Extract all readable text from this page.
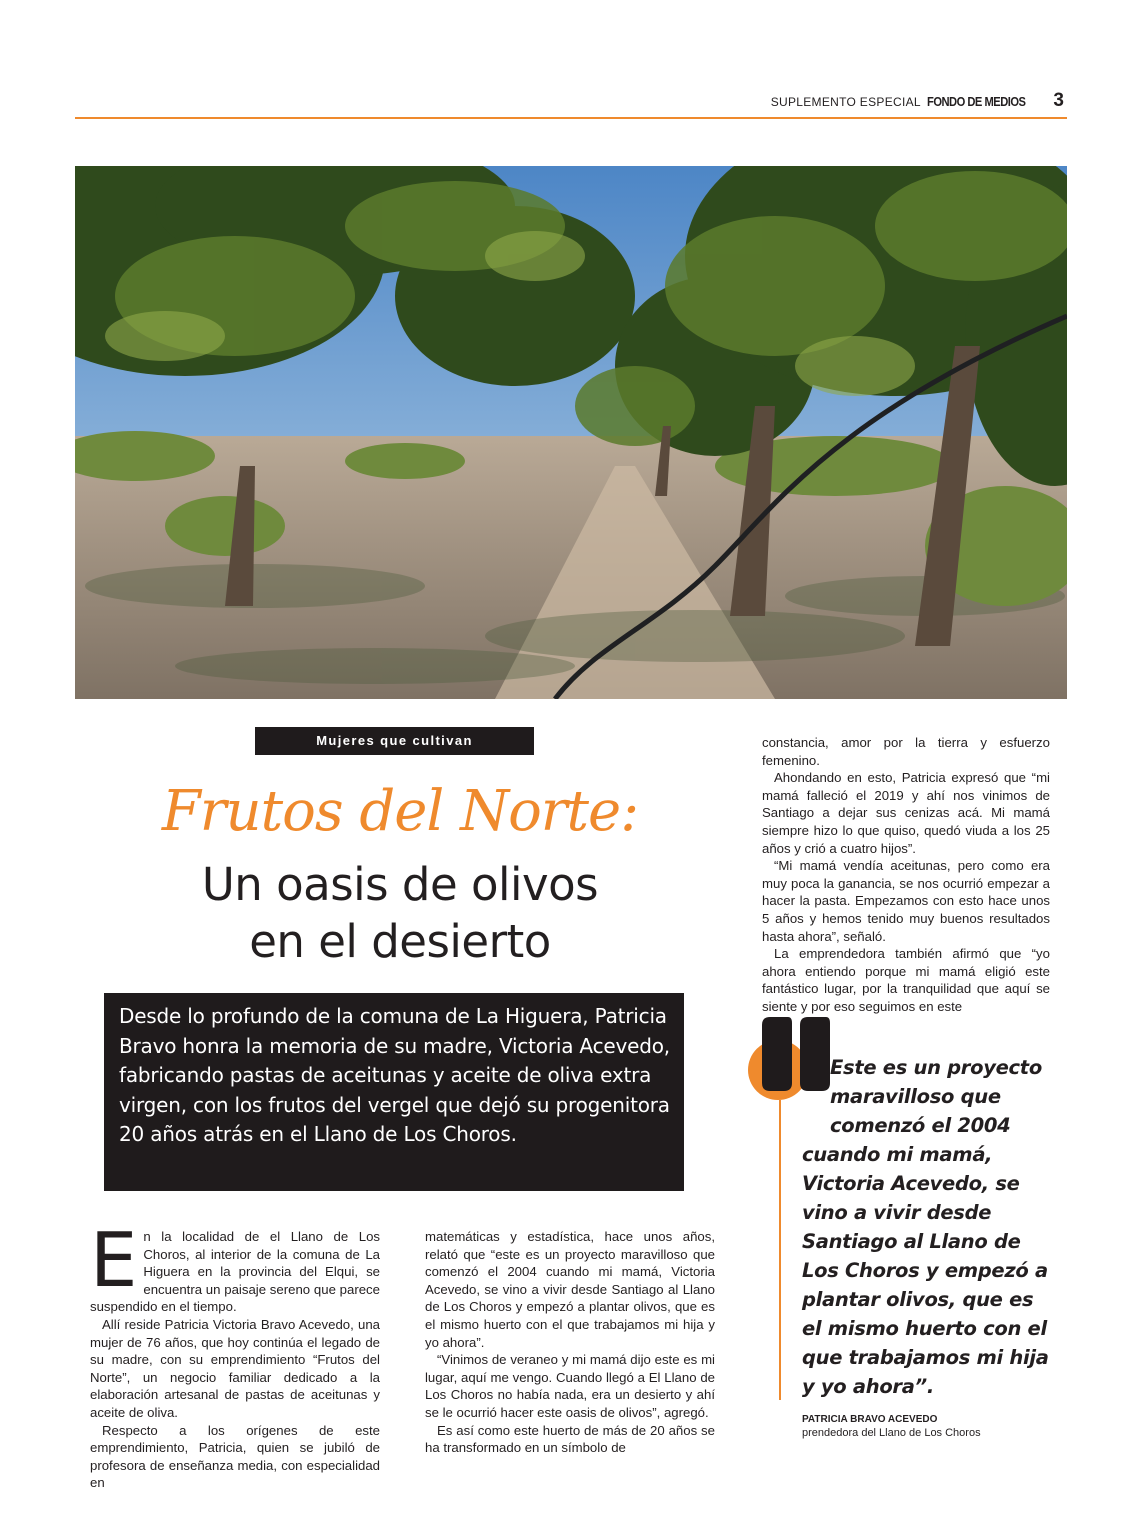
SUPLEMENTO ESPECIAL FONDO DE MEDIOS 3
Mujeres que cultivan
Frutos del Norte:
Un oasis de olivos
en el desierto

Desde lo profundo de la comuna de La Higuera, Patricia Bravo honra la memoria de su madre, Victoria Acevedo, fabricando pastas de aceitunas y aceite de oliva extra virgen, con los frutos del vergel que dejó su progenitora 20 años atrás en el Llano de Los Choros.

En la localidad de el Llano de Los Choros, al interior de la comuna de La Higuera en la provincia del Elqui, se encuentra un paisaje sereno que parece suspendido en el tiempo.

Allí reside Patricia Victoria Bravo Acevedo, una mujer de 76 años, que hoy continúa el legado de su madre, con su emprendimiento “Frutos del Norte”, un negocio familiar dedicado a la elaboración artesanal de pastas de aceitunas y aceite de oliva.

Respecto a los orígenes de este emprendimiento, Patricia, quien se jubiló de profesora de enseñanza media, con especialidad en

matemáticas y estadística, hace unos años, relató que “este es un proyecto maravilloso que comenzó el 2004 cuando mi mamá, Victoria Acevedo, se vino a vivir desde Santiago al Llano de Los Choros y empezó a plantar olivos, que es el mismo huerto con el que trabajamos mi hija y yo ahora”.

“Vinimos de veraneo y mi mamá dijo este es mi lugar, aquí me vengo. Cuando llegó a El Llano de Los Choros no había nada, era un desierto y ahí se le ocurrió hacer este oasis de olivos”, agregó.

Es así como este huerto de más de 20 años se ha transformado en un símbolo de

constancia, amor por la tierra y esfuerzo femenino.

Ahondando en esto, Patricia expresó que “mi mamá falleció el 2019 y ahí nos vinimos de Santiago a dejar sus cenizas acá. Mi mamá siempre hizo lo que quiso, quedó viuda a los 25 años y crió a cuatro hijos”.

“Mi mamá vendía aceitunas, pero como era muy poca la ganancia, se nos ocurrió empezar a hacer la pasta. Empezamos con esto hace unos 5 años y hemos tenido muy buenos resultados hasta ahora”, señaló.

La emprendedora también afirmó que “yo ahora entiendo porque mi mamá eligió este fantástico lugar, por la tranquilidad que aquí se siente y por eso seguimos en este

Este es un proyecto
maravilloso que
comenzó el 2004
cuando mi mamá,
Victoria Acevedo, se
vino a vivir desde
Santiago al Llano de
Los Choros y empezó a
plantar olivos, que es
el mismo huerto con el
que trabajamos mi hija
y yo ahora”.
PATRICIA BRAVO ACEVEDO
prendedora del Llano de Los Choros
